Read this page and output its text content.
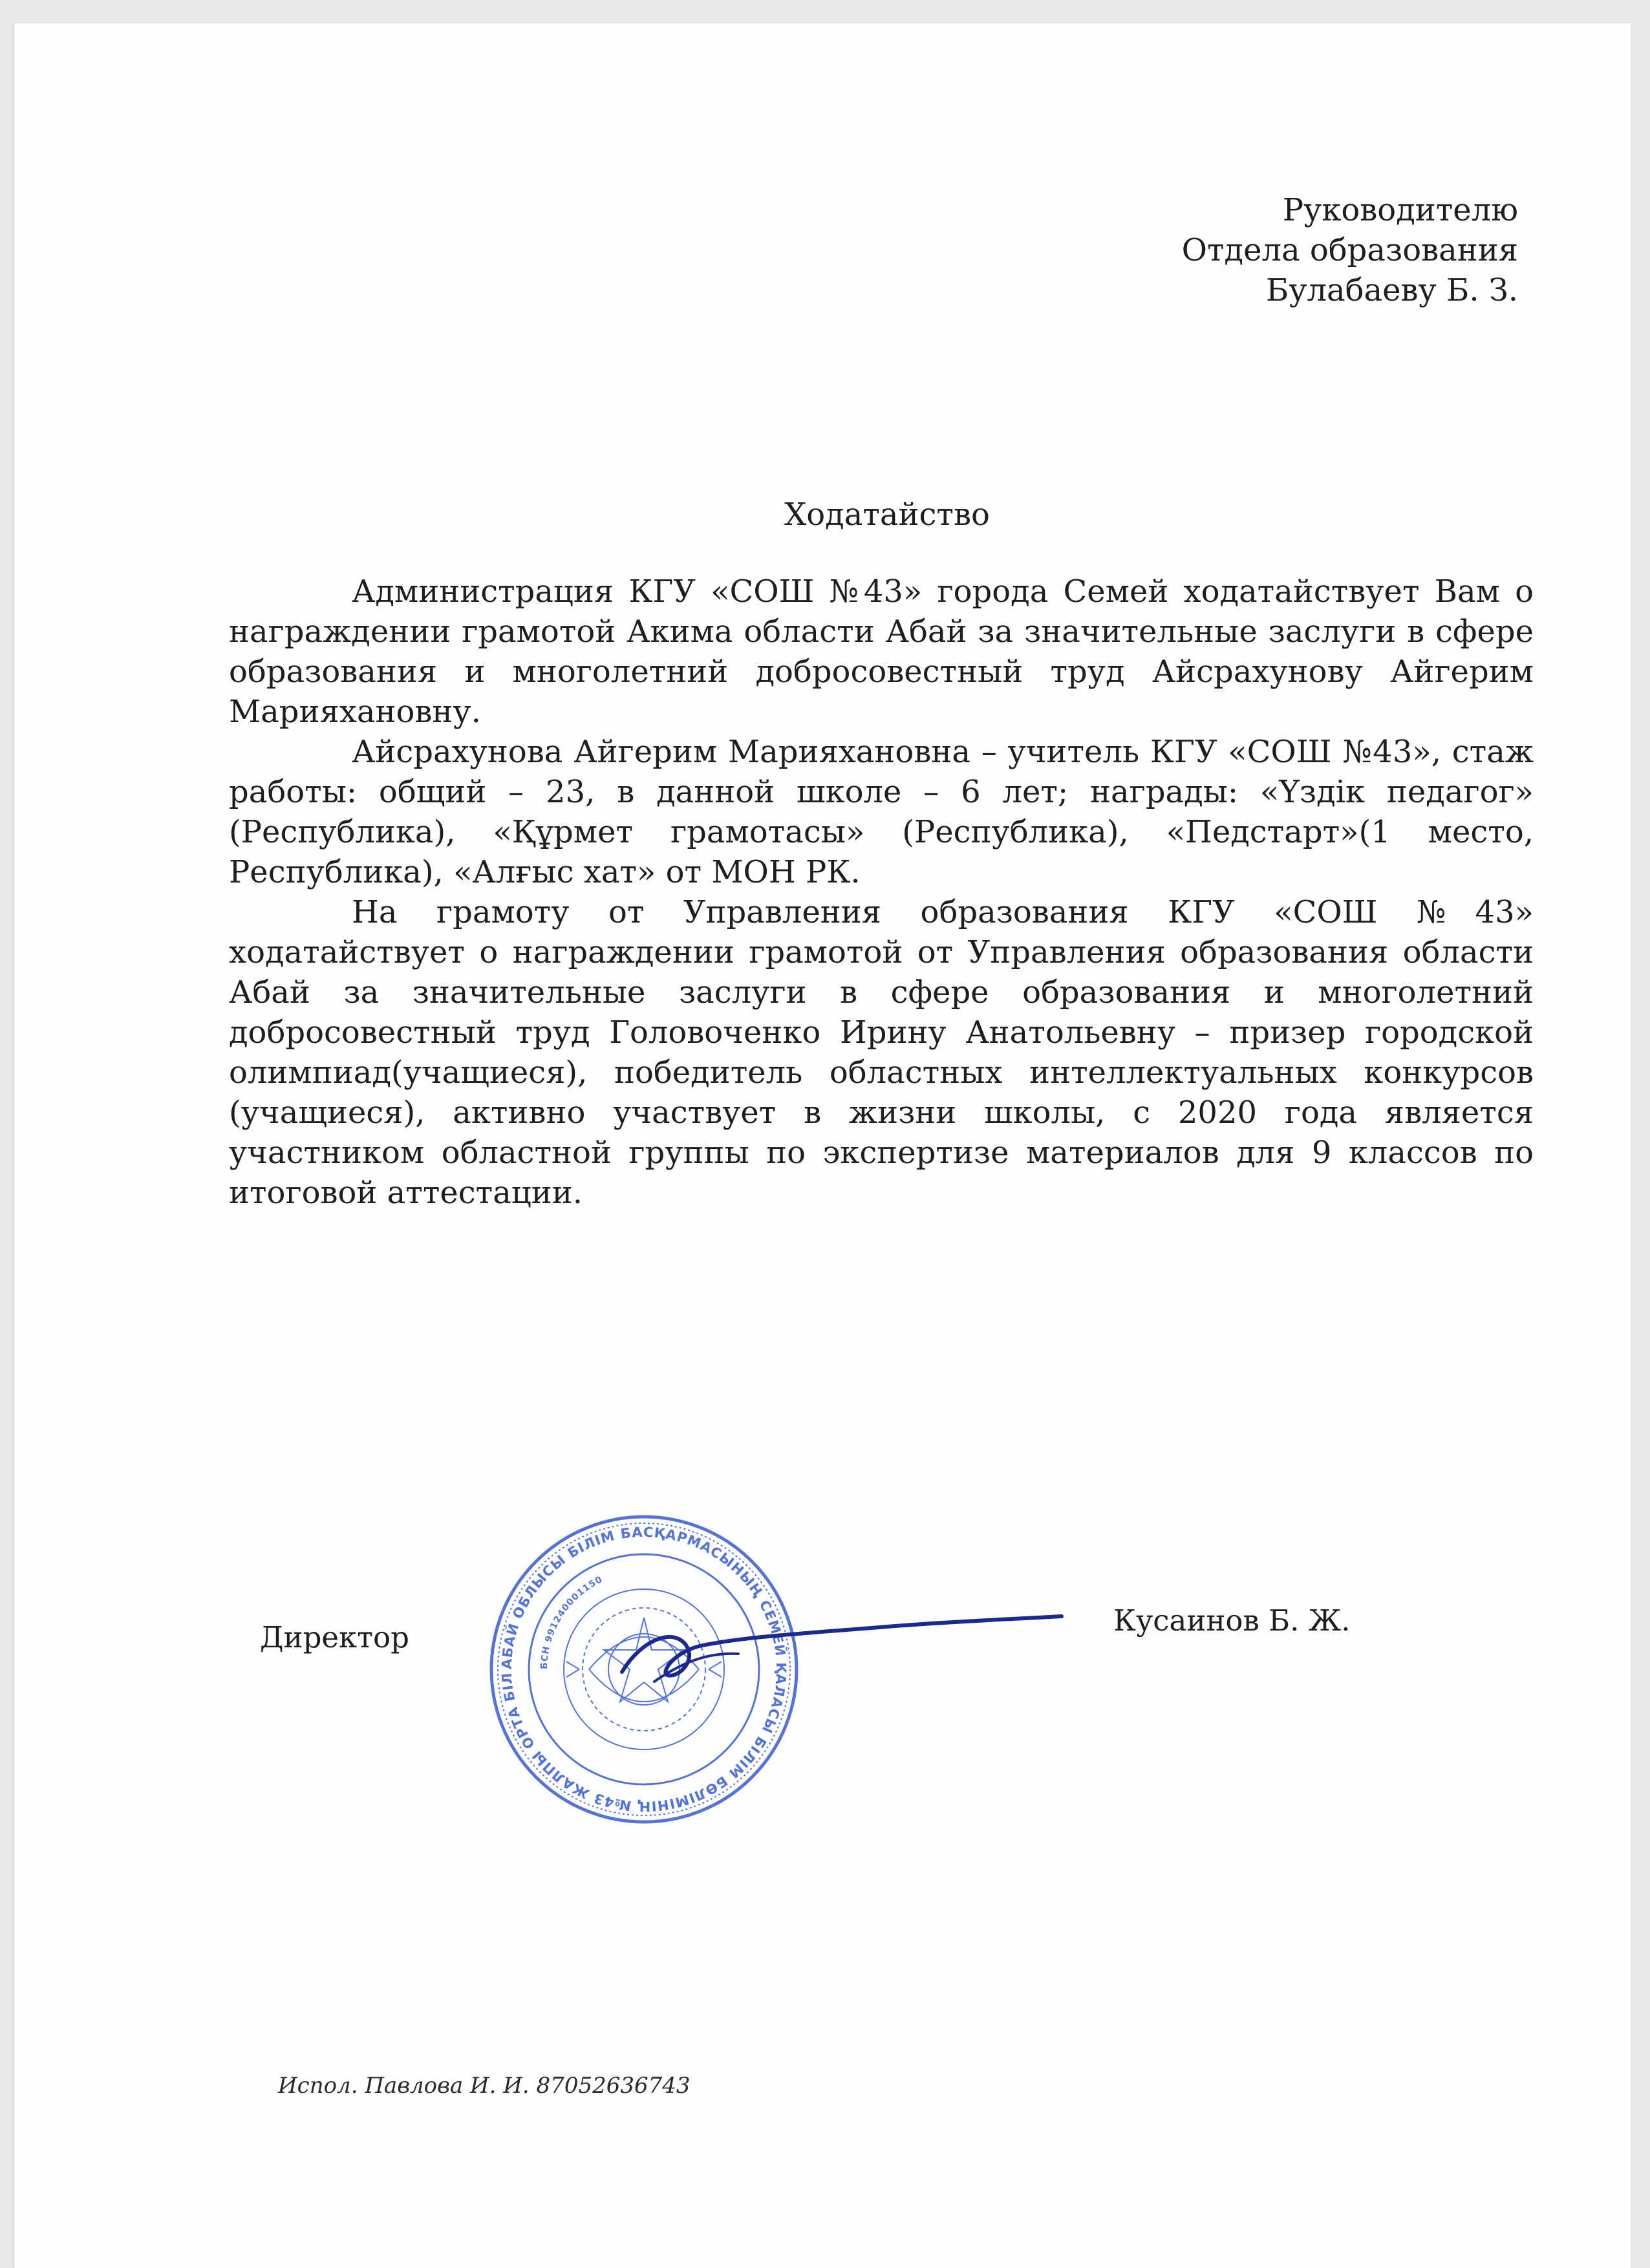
Руководителю
Отдела образования
Булабаеву Б. З.
Ходатайство

Администрация КГУ «СОШ №43» города Семей ходатайствует Вам о награждении грамотой Акима области Абай за значительные заслуги в сфере образования и многолетний добросовестный труд Айсрахунову Айгерим Марияхановну.

Айсрахунова Айгерим Марияхановна – учитель КГУ «СОШ №43», стаж работы: общий – 23, в данной школе – 6 лет; награды: «Үздік педагог» (Республика), «Құрмет грамотасы» (Республика), «Педстарт»(1 место, Республика), «Алғыс хат» от МОН РК.

На грамоту от Управления образования КГУ «СОШ №43» ходатайствует о награждении грамотой от Управления образования области Абай за значительные заслуги в сфере образования и многолетний добросовестный труд Головоченко Ирину Анатольевну – призер городской олимпиад(учащиеся), победитель областных интеллектуальных конкурсов (учащиеся), активно участвует в жизни школы, с 2020 года является участником областной группы по экспертизе материалов для 9 классов по итоговой аттестации.

Директор	Кусаинов Б. Ж.
АБАЙ ОБЛЫСЫ БІЛІМ БАСҚАРМАСЫНЫҢ СЕМЕЙ ҚАЛАСЫ БІЛІМ БӨЛІМІНІҢ №43 ЖАЛПЫ ОРТА БІЛ
БСН 991240001150
Испол. Павлова И. И. 87052636743
